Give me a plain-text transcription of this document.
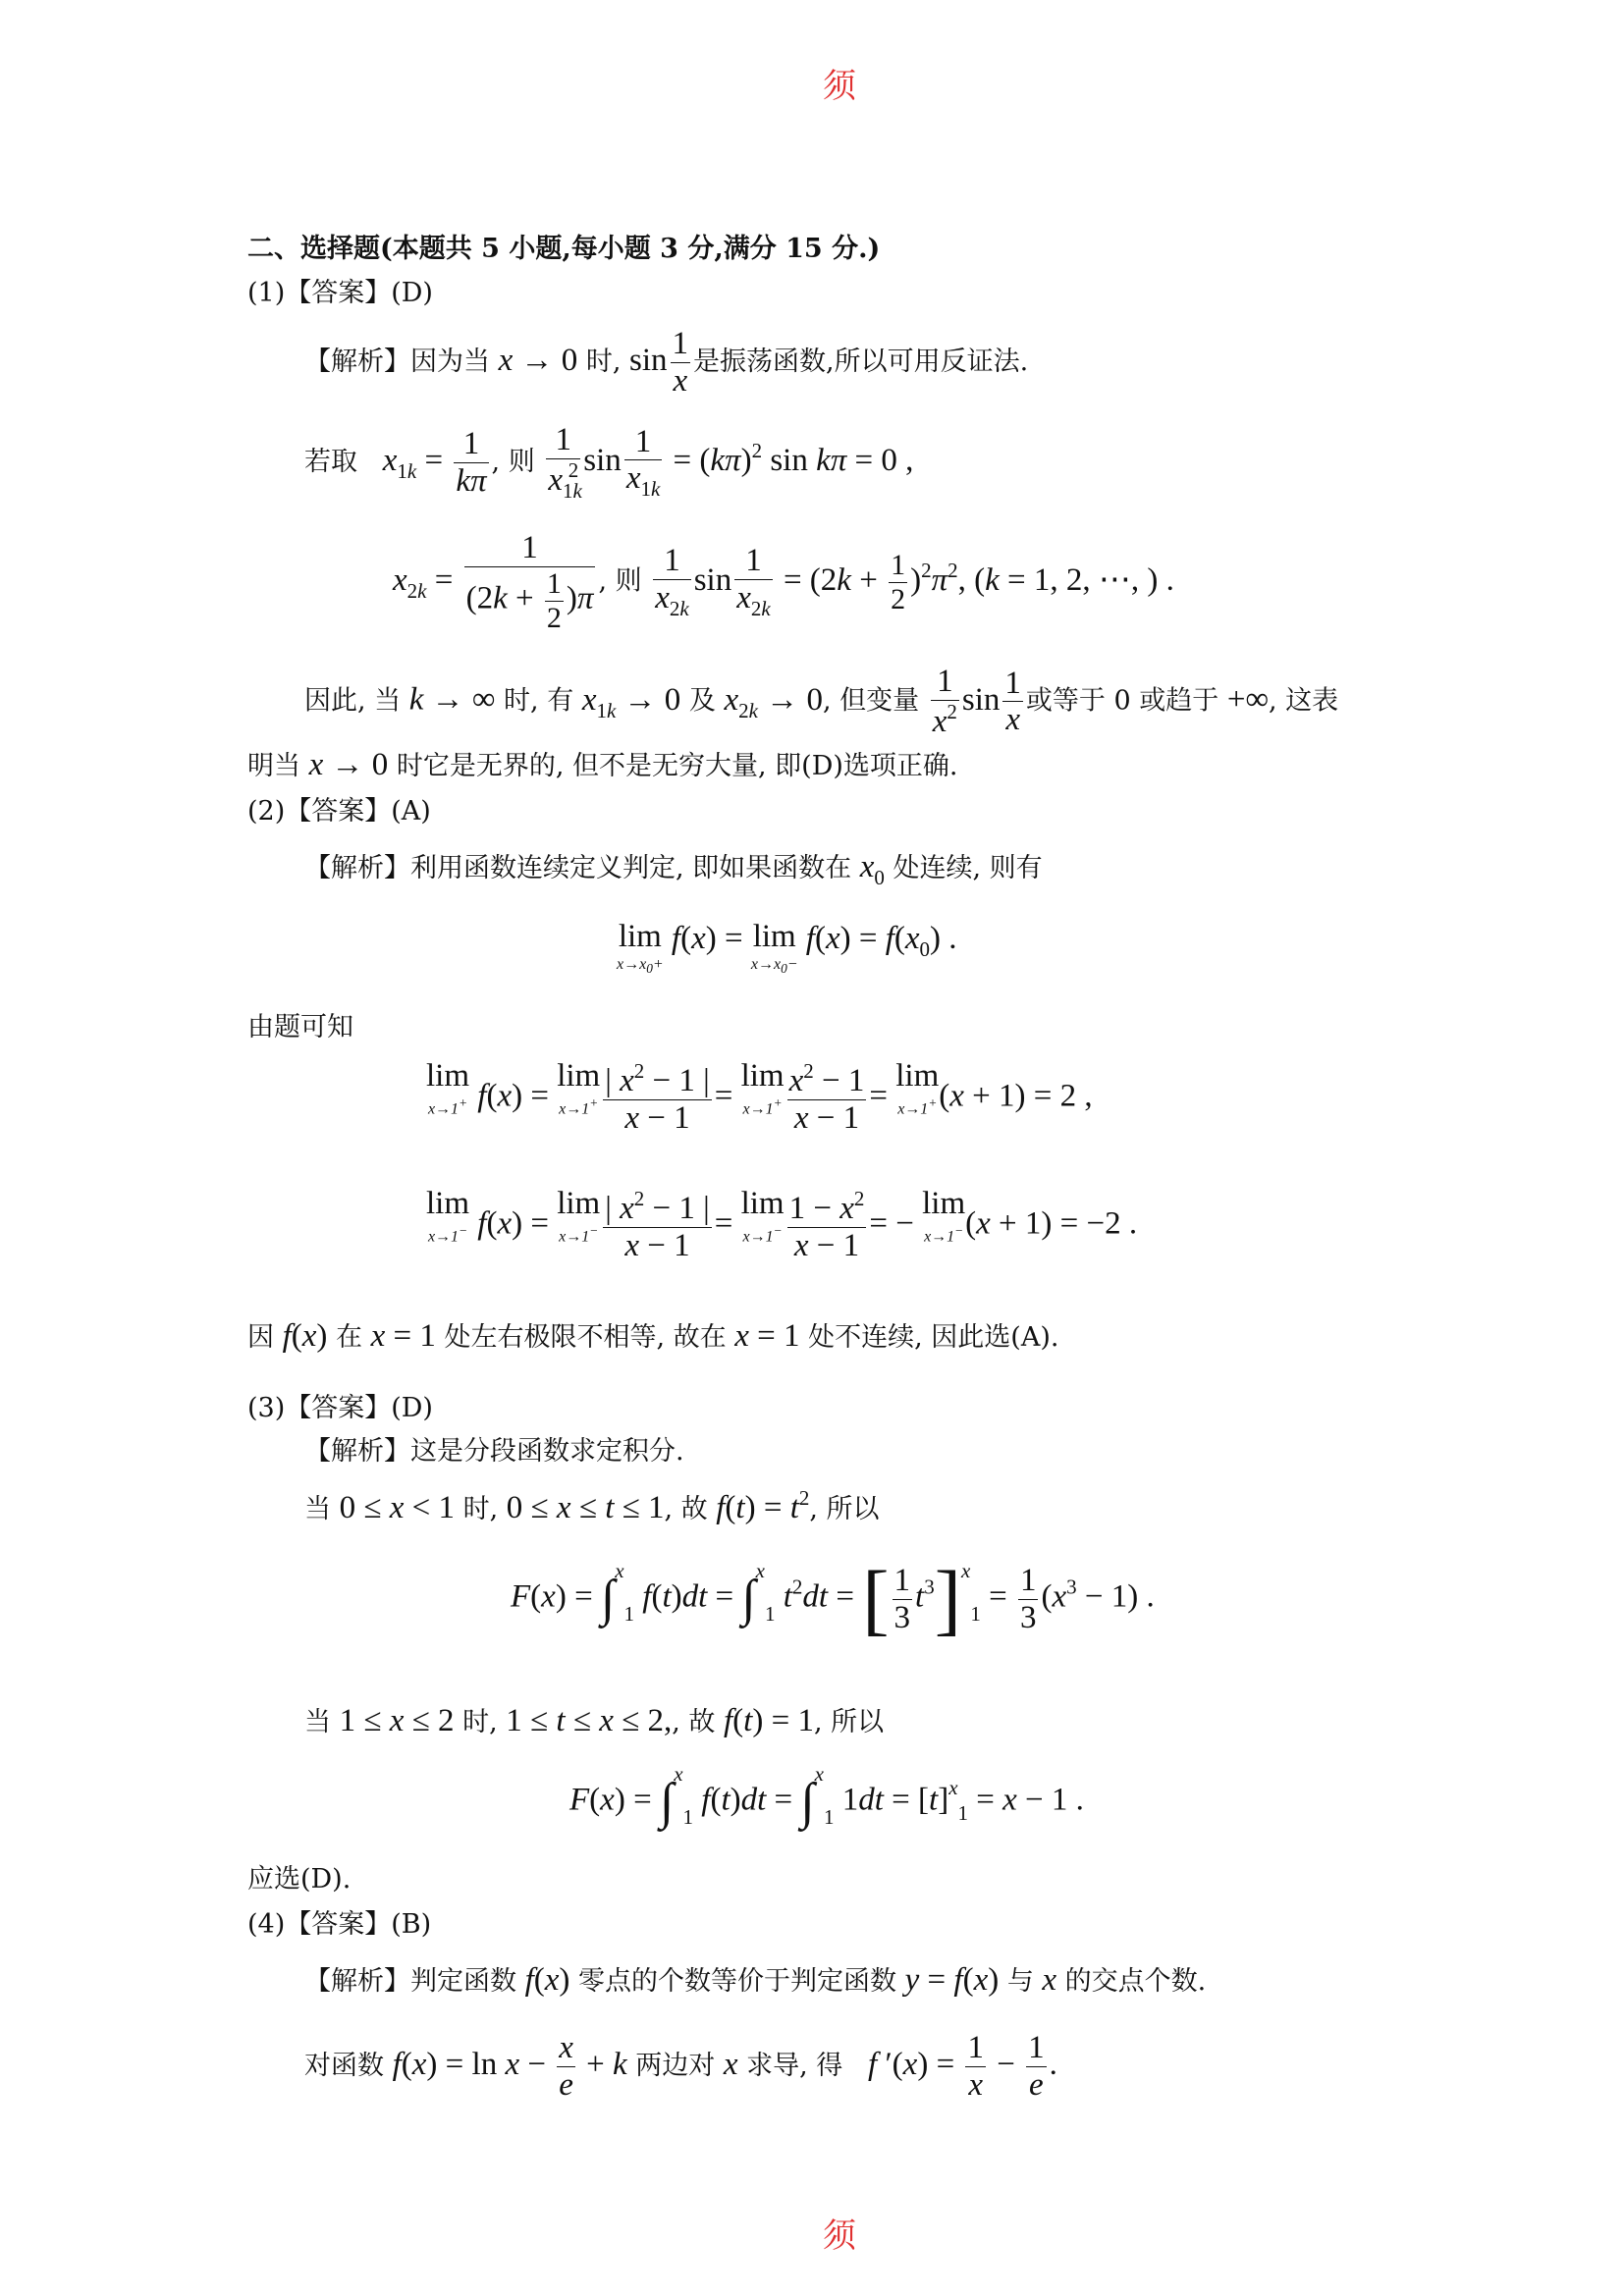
须
二、选择题(本题共 5 小题,每小题 3 分,满分 15 分.)
(1)【答案】(D)
【解析】因为当 x → 0 时, $\sin \frac{1}{x}$ 是振荡函数,所以可用反证法.
若取 $x_{1k} = \frac{1}{k\pi}$ , 则 $\frac{1}{x_{1k}^2}$ $\sin \frac{1}{x_{1k}} = (k\pi)^2$ sin kπ = 0 ,
$x_{2k} = \frac{1}{(2k + \frac{1}{2} )\pi}$ , 则 $\frac{1}{x_{2k}}$ $\sin \frac{1}{x_{2k}} = (2k + \frac{1}{2} )^2\pi^2$, (k = 1, 2, ⋯, ) .
因此, 当 k → ∞ 时, 有 $x_{1k} \to 0$ 及 $x_{2k} \to 0$, 但变量 $\frac{1}{x^2}$ $\sin \frac{1}{x}$ 或等于 0 或趋于 +∞, 这表
明当 x → 0 时它是无界的, 但不是无穷大量, 即(D)选项正确.
(2)【答案】(A)
【解析】利用函数连续定义判定, 即如果函数在 $x_0$ 处连续, 则有
lim
$x\to x_0+$
f(x) = lim
$x\to x_0-$
$f(x) = f(x_0)$ .
由题可知
lim
x→1+ f(x) = lim
$x\to 1^+ \frac{| x^2 - 1 |}{x - 1} = \lim$
$x\to 1^+ \frac{x^2 - 1}{x - 1} = \lim$
x→1+ (x + 1) = 2 ,
lim
x→1− f(x) = lim
$x\to 1^- \frac{| x^2 - 1 |}{x - 1} = \lim$
$x\to 1^- \frac{1 - x^2}{x - 1}$ = − lim
x→1− (x + 1) = −2 .
因 f(x) 在 x = 1 处左右极限不相等, 故在 x = 1 处不连续, 因此选(A).
(3)【答案】(D)
【解析】这是分段函数求定积分.
当 0 ≤ x < 1 时, 0 ≤ x ≤ t ≤ 1, 故 $f(t) = t^2$, 所以
F(x) = ∫$^x_1$ f(t)dt = ∫$^x_1$ $t^2dt$ = [ $\frac{1}{3} t^3]^x_1 = \frac{1}{3} (x^3 - 1)$ .
当 1 ≤ x ≤ 2 时, 1 ≤ t ≤ x ≤ 2,, 故 f(t) = 1, 所以
F(x) = ∫$^x_1$ f(t)dt = ∫$^x_1$ $1dt = [t]^x_1 = x - 1$ .
应选(D).
(4)【答案】(B)
【解析】判定函数 f(x) 零点的个数等价于判定函数 y = f(x) 与 x 的交点个数.
对函数 $f(x) = \ln x - \frac{x}{e} + k$ 两边对 x 求导, 得 f $'(x) = \frac{1}{x} - \frac{1}{e}$ .
须
